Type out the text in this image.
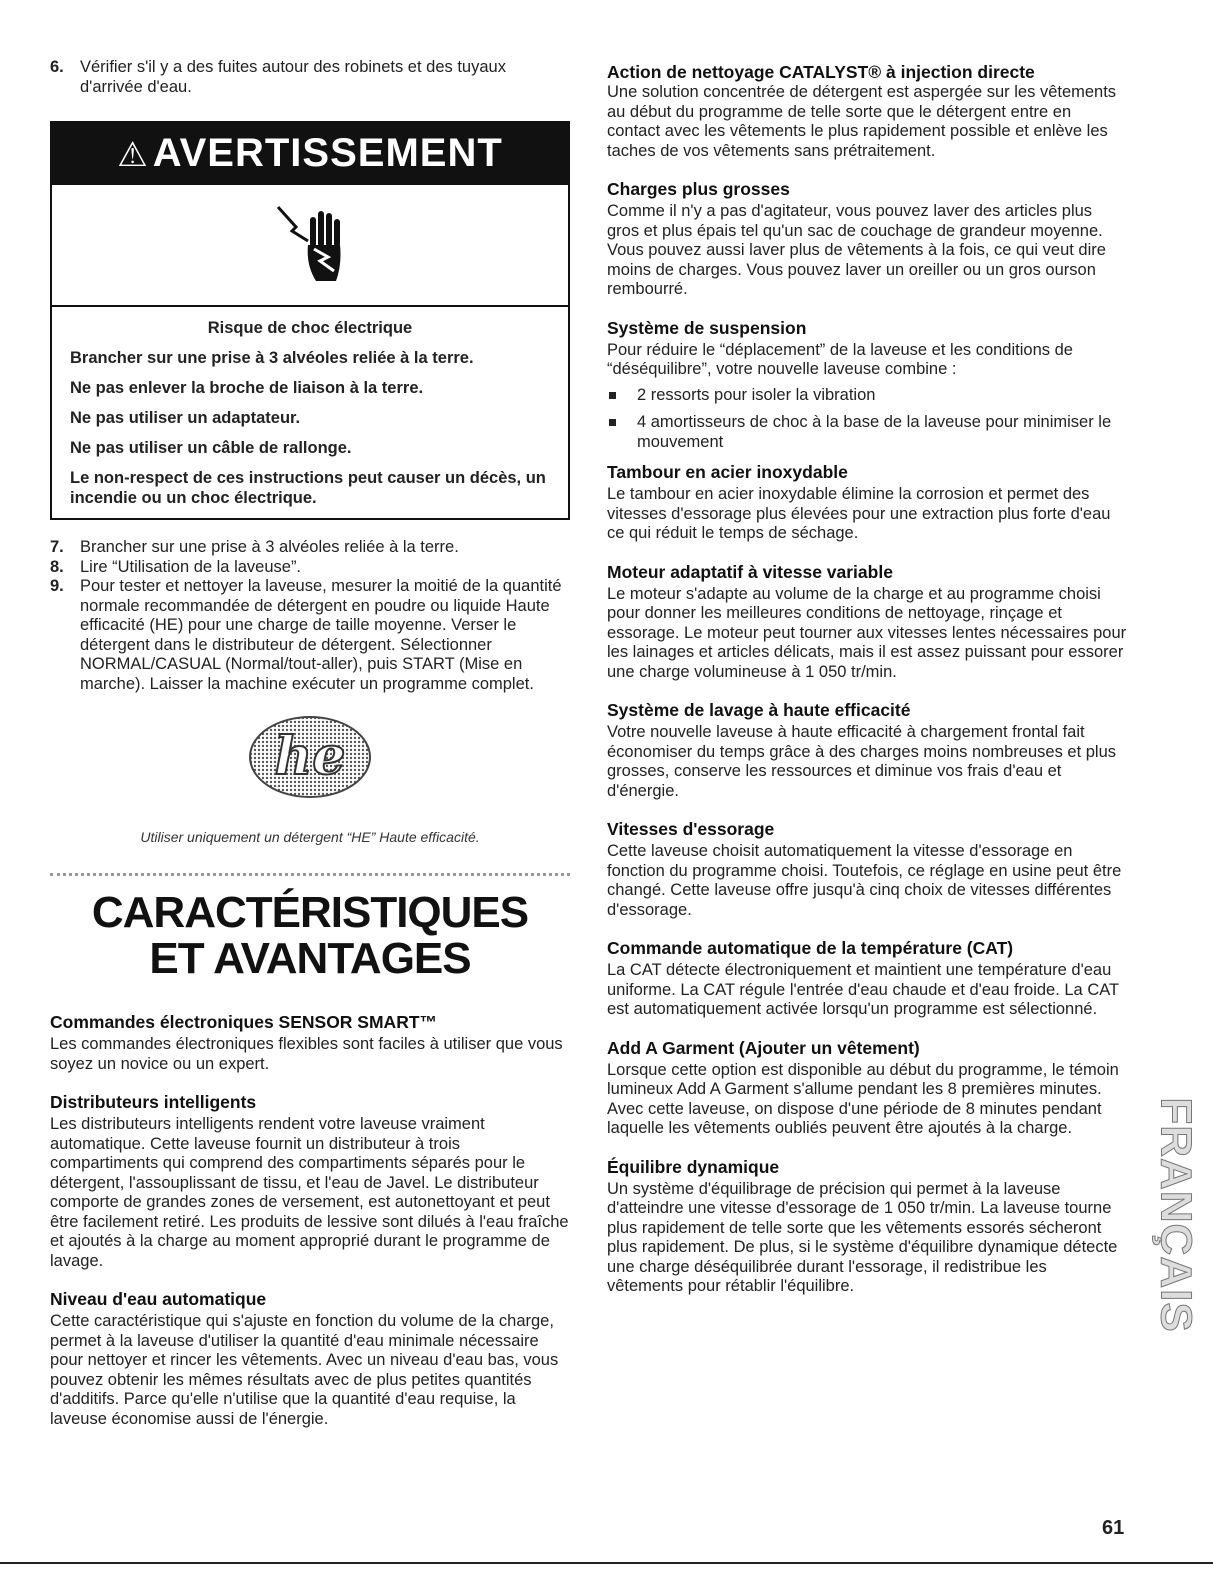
6. Vérifier s'il y a des fuites autour des robinets et des tuyaux d'arrivée d'eau.
⚠ AVERTISSEMENT
Risque de choc électrique
Brancher sur une prise à 3 alvéoles reliée à la terre.
Ne pas enlever la broche de liaison à la terre.
Ne pas utiliser un adaptateur.
Ne pas utiliser un câble de rallonge.
Le non-respect de ces instructions peut causer un décès, un incendie ou un choc électrique.
7. Brancher sur une prise à 3 alvéoles reliée à la terre.
8. Lire “Utilisation de la laveuse”.
9. Pour tester et nettoyer la laveuse, mesurer la moitié de la quantité normale recommandée de détergent en poudre ou liquide Haute efficacité (HE) pour une charge de taille moyenne. Verser le détergent dans le distributeur de détergent. Sélectionner NORMAL/CASUAL (Normal/tout-aller), puis START (Mise en marche). Laisser la machine exécuter un programme complet.
he
Utiliser uniquement un détergent “HE” Haute efficacité.
CARACTÉRISTIQUES ET AVANTAGES
Commandes électroniques SENSOR SMART™

Les commandes électroniques flexibles sont faciles à utiliser que vous soyez un novice ou un expert.

Distributeurs intelligents

Les distributeurs intelligents rendent votre laveuse vraiment automatique. Cette laveuse fournit un distributeur à trois compartiments qui comprend des compartiments séparés pour le détergent, l'assouplissant de tissu, et l'eau de Javel. Le distributeur comporte de grandes zones de versement, est autonettoyant et peut être facilement retiré. Les produits de lessive sont dilués à l'eau fraîche et ajoutés à la charge au moment approprié durant le programme de lavage.

Niveau d'eau automatique

Cette caractéristique qui s'ajuste en fonction du volume de la charge, permet à la laveuse d'utiliser la quantité d'eau minimale nécessaire pour nettoyer et rincer les vêtements. Avec un niveau d'eau bas, vous pouvez obtenir les mêmes résultats avec de plus petites quantités d'additifs. Parce qu'elle n'utilise que la quantité d'eau requise, la laveuse économise aussi de l'énergie.

Action de nettoyage CATALYST® à injection directe

Une solution concentrée de détergent est aspergée sur les vêtements au début du programme de telle sorte que le détergent entre en contact avec les vêtements le plus rapidement possible et enlève les taches de vos vêtements sans prétraitement.

Charges plus grosses

Comme il n'y a pas d'agitateur, vous pouvez laver des articles plus gros et plus épais tel qu'un sac de couchage de grandeur moyenne. Vous pouvez aussi laver plus de vêtements à la fois, ce qui veut dire moins de charges. Vous pouvez laver un oreiller ou un gros ourson rembourré.

Système de suspension

Pour réduire le “déplacement” de la laveuse et les conditions de “déséquilibre”, votre nouvelle laveuse combine :

2 ressorts pour isoler la vibration
4 amortisseurs de choc à la base de la laveuse pour minimiser le mouvement
Tambour en acier inoxydable

Le tambour en acier inoxydable élimine la corrosion et permet des vitesses d'essorage plus élevées pour une extraction plus forte d'eau ce qui réduit le temps de séchage.

Moteur adaptatif à vitesse variable

Le moteur s'adapte au volume de la charge et au programme choisi pour donner les meilleures conditions de nettoyage, rinçage et essorage. Le moteur peut tourner aux vitesses lentes nécessaires pour les lainages et articles délicats, mais il est assez puissant pour essorer une charge volumineuse à 1 050 tr/min.

Système de lavage à haute efficacité

Votre nouvelle laveuse à haute efficacité à chargement frontal fait économiser du temps grâce à des charges moins nombreuses et plus grosses, conserve les ressources et diminue vos frais d'eau et d'énergie.

Vitesses d'essorage

Cette laveuse choisit automatiquement la vitesse d'essorage en fonction du programme choisi. Toutefois, ce réglage en usine peut être changé. Cette laveuse offre jusqu'à cinq choix de vitesses différentes d'essorage.

Commande automatique de la température (CAT)

La CAT détecte électroniquement et maintient une température d'eau uniforme. La CAT régule l'entrée d'eau chaude et d'eau froide. La CAT est automatiquement activée lorsqu'un programme est sélectionné.

Add A Garment (Ajouter un vêtement)

Lorsque cette option est disponible au début du programme, le témoin lumineux Add A Garment s'allume pendant les 8 premières minutes. Avec cette laveuse, on dispose d'une période de 8 minutes pendant laquelle les vêtements oubliés peuvent être ajoutés à la charge.

Équilibre dynamique

Un système d'équilibrage de précision qui permet à la laveuse d'atteindre une vitesse d'essorage de 1 050 tr/min. La laveuse tourne plus rapidement de telle sorte que les vêtements essorés sécheront plus rapidement. De plus, si le système d'équilibre dynamique détecte une charge déséquilibrée durant l'essorage, il redistribue les vêtements pour rétablir l'équilibre.	FRANÇAIS
61
